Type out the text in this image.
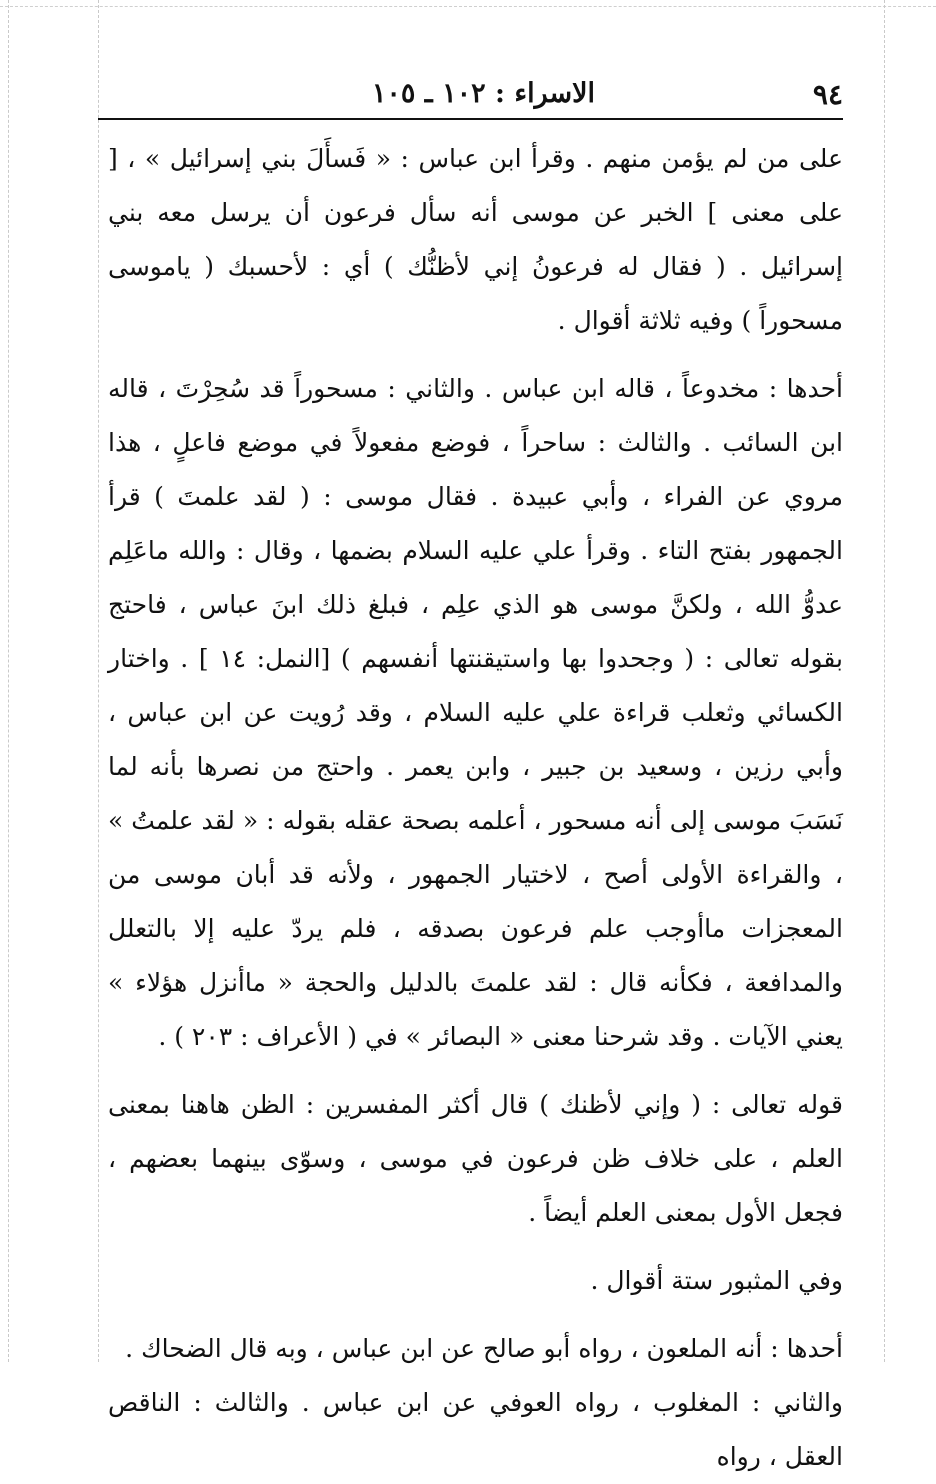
٩٤
الاسراء : ١٠٢ ـ ١٠٥

على من لم يؤمن منهم . وقرأ ابن عباس : « فَسأَلَ بني إسرائيل » ، [ على معنى ] الخبر عن موسى أنه سأل فرعون أن يرسل معه بني إسرائيل . ( فقال له فرعونُ إني لأظنُّك ) أي : لأحسبك ( ياموسى مسحوراً ) وفيه ثلاثة أقوال .

أحدها : مخدوعاً ، قاله ابن عباس . والثاني : مسحوراً قد سُحِرْتَ ، قاله ابن السائب . والثالث : ساحراً ، فوضع مفعولاً في موضع فاعلٍ ، هذا مروي عن الفراء ، وأبي عبيدة . فقال موسى : ( لقد علمتَ ) قرأ الجمهور بفتح التاء . وقرأ علي عليه السلام بضمها ، وقال : والله ماعَلِم عدوُّ الله ، ولكنَّ موسى هو الذي علِم ، فبلغ ذلك ابنَ عباس ، فاحتج بقوله تعالى : ( وجحدوا بها واستيقنتها أنفسهم ) [النمل: ١٤ ] . واختار الكسائي وثعلب قراءة علي عليه السلام ، وقد رُويت عن ابن عباس ، وأبي رزين ، وسعيد بن جبير ، وابن يعمر . واحتج من نصرها بأنه لما نَسَبَ موسى إلى أنه مسحور ، أعلمه بصحة عقله بقوله : « لقد علمتُ » ، والقراءة الأولى أصح ، لاختيار الجمهور ، ولأنه قد أبان موسى من المعجزات ماأوجب علم فرعون بصدقه ، فلم يردّ عليه إلا بالتعلل والمدافعة ، فكأنه قال : لقد علمتَ بالدليل والحجة « ماأنزل هؤلاء » يعني الآيات . وقد شرحنا معنى « البصائر » في ( الأعراف : ٢٠٣ ) .

قوله تعالى : ( وإني لأظنك ) قال أكثر المفسرين : الظن هاهنا بمعنى العلم ، على خلاف ظن فرعون في موسى ، وسوّى بينهما بعضهم ، فجعل الأول بمعنى العلم أيضاً .

وفي المثبور ستة أقوال .

أحدها : أنه الملعون ، رواه أبو صالح عن ابن عباس ، وبه قال الضحاك .

والثاني : المغلوب ، رواه العوفي عن ابن عباس . والثالث : الناقص العقل ، رواه
